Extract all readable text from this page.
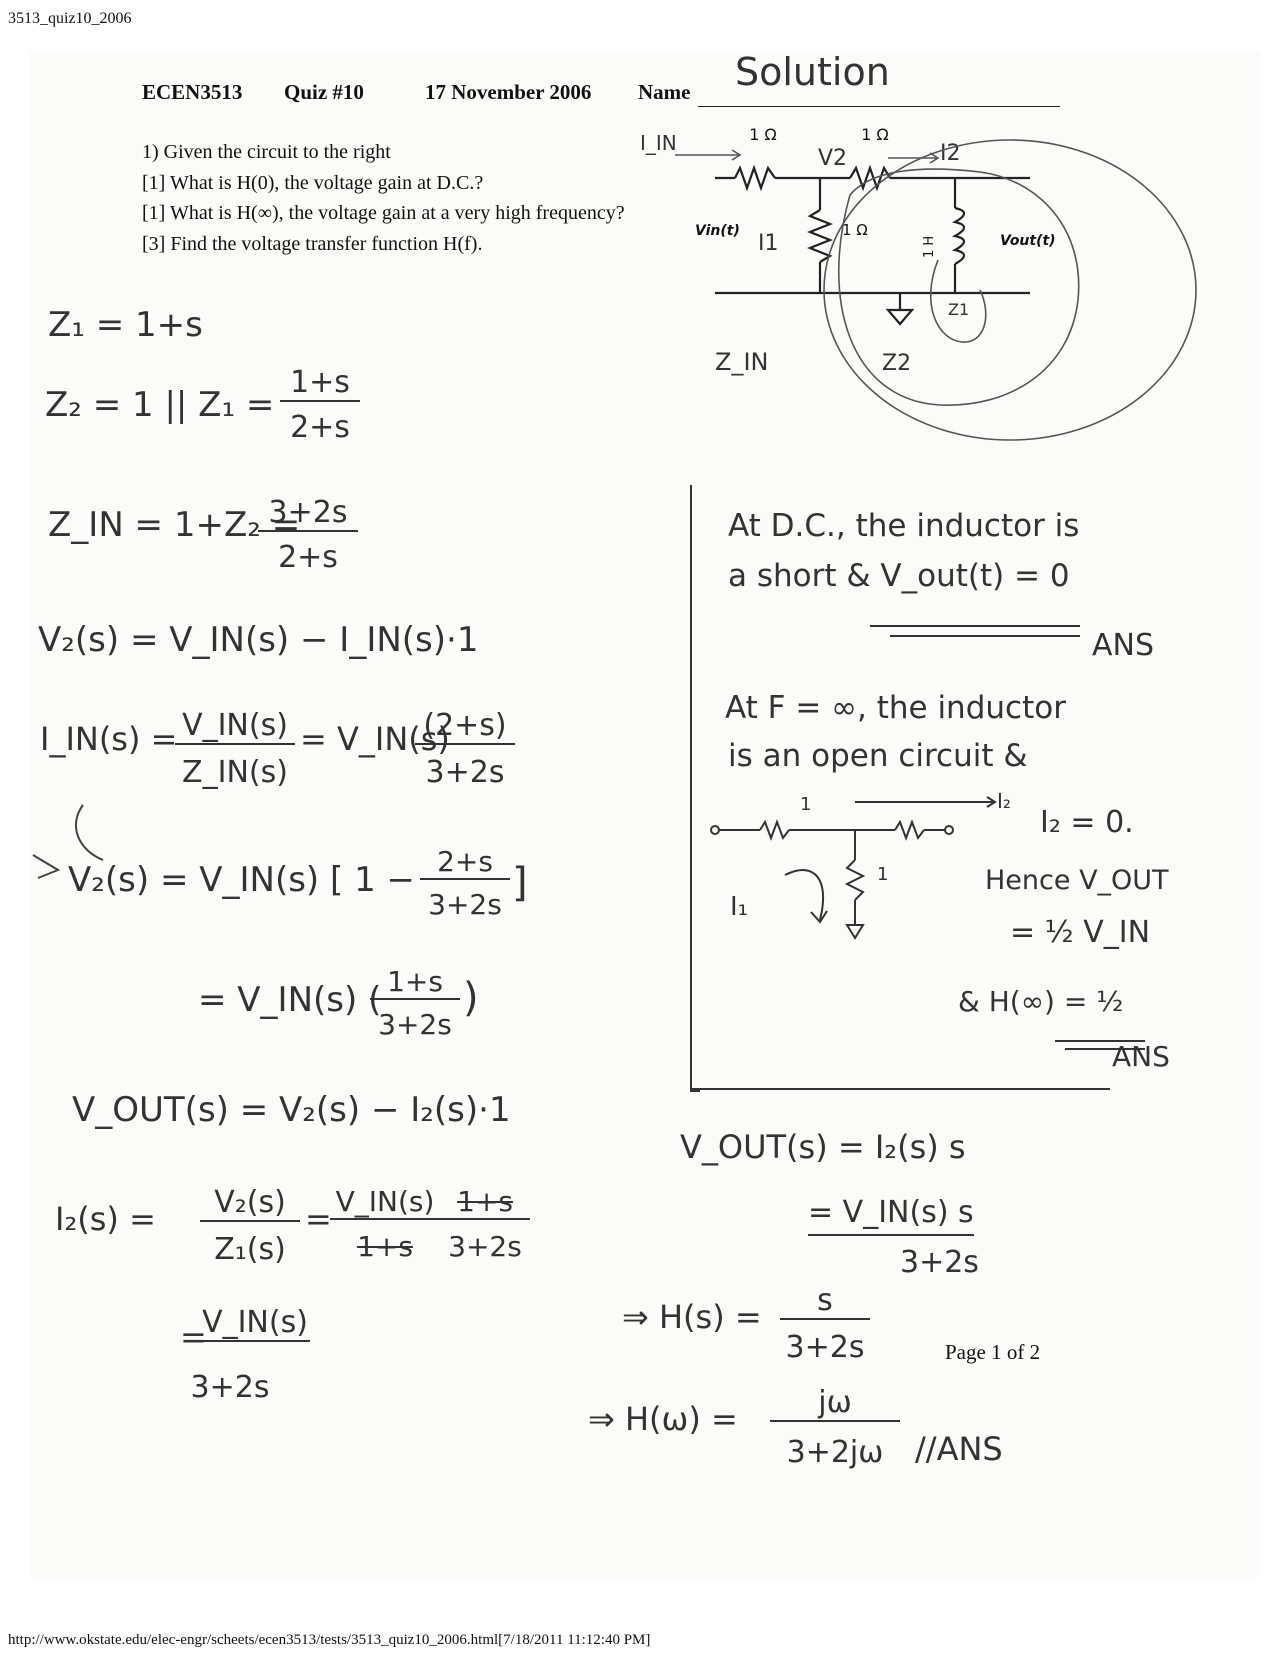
3513_quiz10_2006
ECEN3513 Quiz #10	17 November 2006 Name Solution
1) Given the circuit to the right
[1] What is H(0), the voltage gain at D.C.?
[1] What is H(∞), the voltage gain at a very high frequency?
[3] Find the voltage transfer function H(f).
1 Ω	1 Ω
1 Ω
1 H
Vin(t)
Vout(t)
I_IN
V2	I2
I1
Z1
Z2
Z_IN
Z₁ = 1+s
Z₂ = 1 || Z₁ =
1+s
2+s
Z_IN = 1+Z₂ =
3+2s
2+s
V₂(s) = V_IN(s) − I_IN(s)·1
I_IN(s) = V_IN(s)
Z_IN(s)
= V_IN(s)
(2+s)
3+2s
V₂(s) = V_IN(s) [ 1 − 2+s
3+2s ]
= V_IN(s) ( 1+s
3+2s
)
V_OUT(s) = V₂(s) − I₂(s)·1
I₂(s) =	V₂(s)
Z₁(s)
= V_IN(s)
1+s
1+s
3+2s
=
V_IN(s)
3+2s
At D.C., the inductor is
a short & V_out(t) = 0
ANS
At F = ∞, the inductor
is an open circuit &
1
1
I₂
I₁
I₂ = 0.
Hence V_OUT
= ½ V_IN
& H(∞) = ½
ANS
V_OUT(s) = I₂(s) s
= V_IN(s) s
3+2s
⇒ H(s) =	s
3+2s	Page 1 of 2
⇒ H(ω) =	jω
3+2jω //ANS
http://www.okstate.edu/elec-engr/scheets/ecen3513/tests/3513_quiz10_2006.html[7/18/2011 11:12:40 PM]
